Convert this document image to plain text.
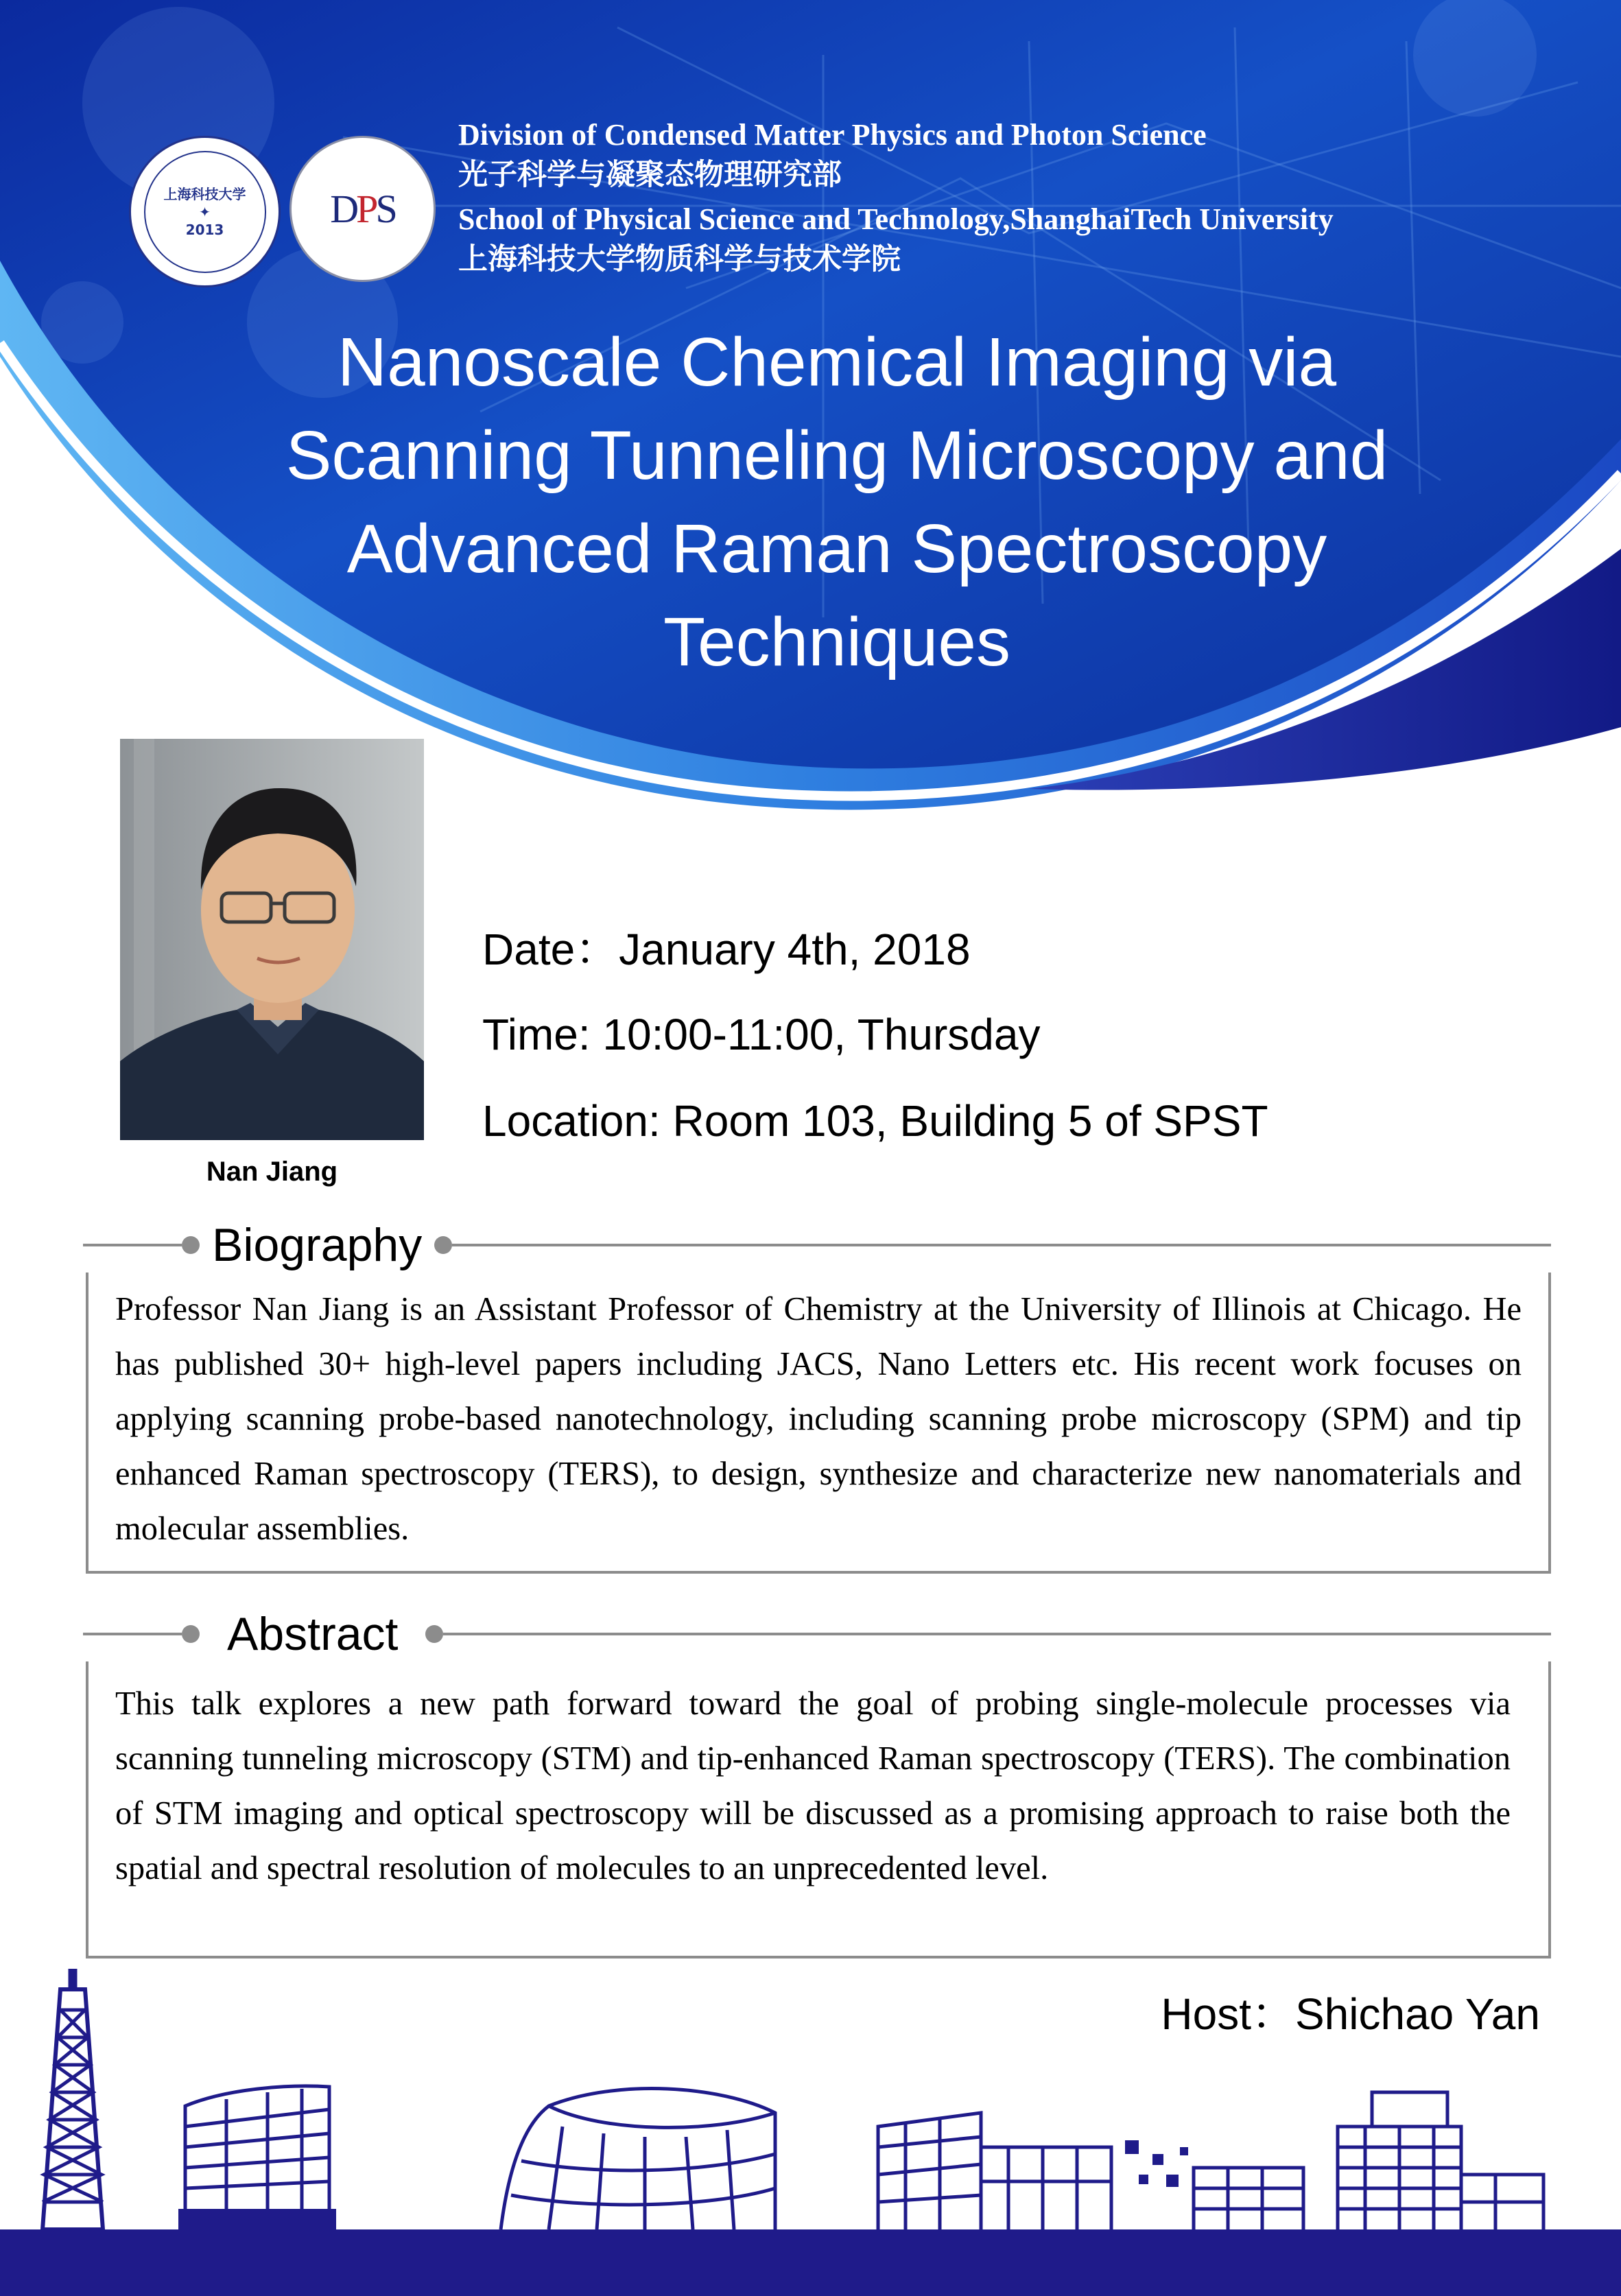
上海科技大学
✦
2013	DPS
Division of Condensed Matter Physics and Photon Science
光子科学与凝聚态物理研究部
School of Physical Science and Technology,ShanghaiTech University
上海科技大学物质科学与技术学院
Nanoscale Chemical Imaging via
Scanning Tunneling Microscopy and
Advanced Raman Spectroscopy
Techniques
Nan Jiang
Date：January 4th, 2018
Time: 10:00-11:00, Thursday
Location: Room 103, Building 5 of SPST
Biography
Professor Nan Jiang is an Assistant Professor of Chemistry at the University of Illinois at Chicago. He has published 30+ high-level papers including JACS, Nano Letters etc. His recent work focuses on applying scanning probe-based nanotechnology, including scanning probe microscopy (SPM) and tip enhanced Raman spectroscopy (TERS), to design, synthesize and characterize new nanomaterials and molecular assemblies.
Abstract
This talk explores a new path forward toward the goal of probing single-molecule processes via scanning tunneling microscopy (STM) and tip-enhanced Raman spectroscopy (TERS). The combination of STM imaging and optical spectroscopy will be discussed as a promising approach to raise both the spatial and spectral resolution of molecules to an unprecedented level.
Host：Shichao Yan
